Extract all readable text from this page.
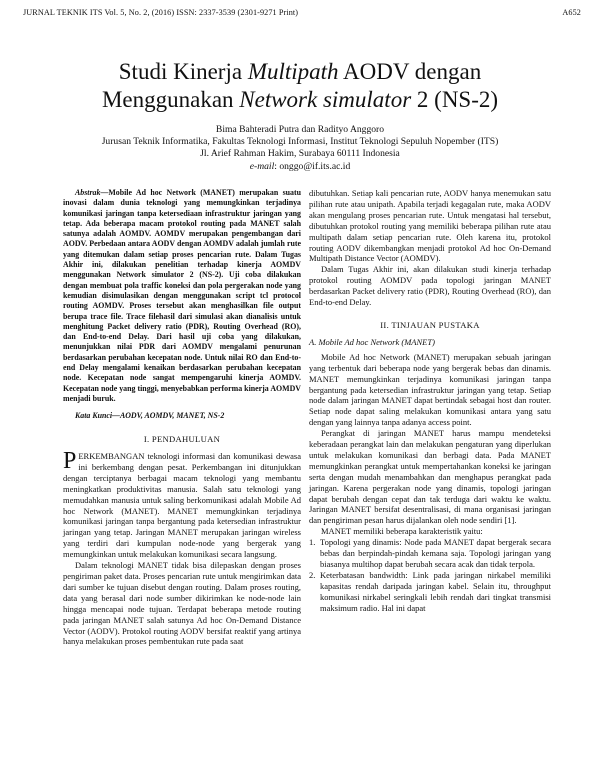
JURNAL TEKNIK ITS Vol. 5, No. 2, (2016) ISSN: 2337-3539 (2301-9271 Print)	A652
Studi Kinerja Multipath AODV dengan
Menggunakan Network simulator 2 (NS-2)
Bima Bahteradi Putra dan Radityo Anggoro
Jurusan Teknik Informatika, Fakultas Teknologi Informasi, Institut Teknologi Sepuluh Nopember (ITS)
Jl. Arief Rahman Hakim, Surabaya 60111 Indonesia
e-mail: onggo@if.its.ac.id

Abstrak—Mobile Ad hoc Network (MANET) merupakan suatu inovasi dalam dunia teknologi yang memungkinkan terjadinya komunikasi jaringan tanpa ketersediaan infrastruktur jaringan yang tetap. Ada beberapa macam protokol routing pada MANET salah satunya adalah AOMDV. AOMDV merupakan pengembangan dari AODV. Perbedaan antara AODV dengan AOMDV adalah jumlah rute yang ditemukan dalam setiap proses pencarian rute. Dalam Tugas Akhir ini, dilakukan penelitian terhadap kinerja AOMDV menggunakan Network simulator 2 (NS-2). Uji coba dilakukan dengan membuat pola traffic koneksi dan pola pergerakan node yang kemudian disimulasikan dengan menggunakan script tcl protocol routing AOMDV. Proses tersebut akan menghasilkan file output berupa trace file. Trace filehasil dari simulasi akan dianalisis untuk menghitung Packet delivery ratio (PDR), Routing Overhead (RO), dan End-to-end Delay. Dari hasil uji coba yang dilakukan, menunjukkan nilai PDR dari AOMDV mengalami penurunan berdasarkan perubahan kecepatan node. Untuk nilai RO dan End-to-end Delay mengalami kenaikan berdasarkan perubahan kecepatan node. Kecepatan node sangat mempengaruhi kinerja AOMDV. Kecepatan node yang tinggi, menyebabkan performa kinerja AOMDV menjadi buruk.

Kata Kunci—AODV, AOMDV, MANET, NS-2

I. PENDAHULUAN

PERKEMBANGAN teknologi informasi dan komunikasi dewasa ini berkembang dengan pesat. Perkembangan ini ditunjukkan dengan terciptanya berbagai macam teknologi yang membantu meningkatkan produktivitas manusia. Salah satu teknologi yang memudahkan manusia untuk saling berkomunikasi adalah Mobile Ad hoc Network (MANET). MANET memungkinkan terjadinya komunikasi jaringan tanpa bergantung pada ketersedian infrastruktur jaringan yang tetap. Jaringan MANET merupakan jaringan wireless yang terdiri dari kumpulan node-node yang bergerak yang memungkinkan untuk melakukan komunikasi secara langsung.

Dalam teknologi MANET tidak bisa dilepaskan dengan proses pengiriman paket data. Proses pencarian rute untuk mengirimkan data dari sumber ke tujuan disebut dengan routing. Dalam proses routing, data yang berasal dari node sumber dikirimkan ke node-node lain hingga mencapai node tujuan. Terdapat beberapa metode routing pada jaringan MANET salah satunya Ad hoc On-Demand Distance Vector (AODV). Protokol routing AODV bersifat reaktif yang artinya hanya melakukan proses pembentukan rute pada saat

dibutuhkan. Setiap kali pencarian rute, AODV hanya menemukan satu pilihan rute atau unipath. Apabila terjadi kegagalan rute, maka AODV akan mengulang proses pencarian rute. Untuk mengatasi hal tersebut, dibutuhkan protokol routing yang memiliki beberapa pilihan rute atau multipath dalam setiap pencarian rute. Oleh karena itu, protokol routing AODV dikembangkan menjadi protokol Ad hoc On-Demand Multipath Distance Vector (AOMDV).

Dalam Tugas Akhir ini, akan dilakukan studi kinerja terhadap protokol routing AOMDV pada topologi jaringan MANET berdasarkan Packet delivery ratio (PDR), Routing Overhead (RO), dan End-to-end Delay.

II. TINJAUAN PUSTAKA
A. Mobile Ad hoc Network (MANET)

Mobile Ad hoc Network (MANET) merupakan sebuah jaringan yang terbentuk dari beberapa node yang bergerak bebas dan dinamis. MANET memungkinkan terjadinya komunikasi jaringan tanpa bergantung pada ketersedian infrastruktur jaringan yang tetap. Setiap node dalam jaringan MANET dapat bertindak sebagai host dan router. Setiap node dapat saling melakukan komunikasi antara yang satu dengan yang lainnya tanpa adanya access point.

Perangkat di jaringan MANET harus mampu mendeteksi keberadaan perangkat lain dan melakukan pengaturan yang diperlukan untuk melakukan komunikasi dan berbagi data. Pada MANET memungkinkan perangkat untuk mempertahankan koneksi ke jaringan serta dengan mudah menambahkan dan menghapus perangkat pada jaringan. Karena pergerakan node yang dinamis, topologi jaringan dapat berubah dengan cepat dan tak terduga dari waktu ke waktu. Jaringan MANET bersifat desentralisasi, di mana organisasi jaringan dan pengiriman pesan harus dijalankan oleh node sendiri [1].

MANET memiliki beberapa karakteristik yaitu:

1. Topologi yang dinamis: Node pada MANET dapat bergerak secara bebas dan berpindah-pindah kemana saja. Topologi jaringan yang biasanya multihop dapat berubah secara acak dan tidak terpola.
2. Keterbatasan bandwidth: Link pada jaringan nirkabel memiliki kapasitas rendah daripada jaringan kabel. Selain itu, throughput komunikasi nirkabel seringkali lebih rendah dari tingkat transmisi maksimum radio. Hal ini dapat
